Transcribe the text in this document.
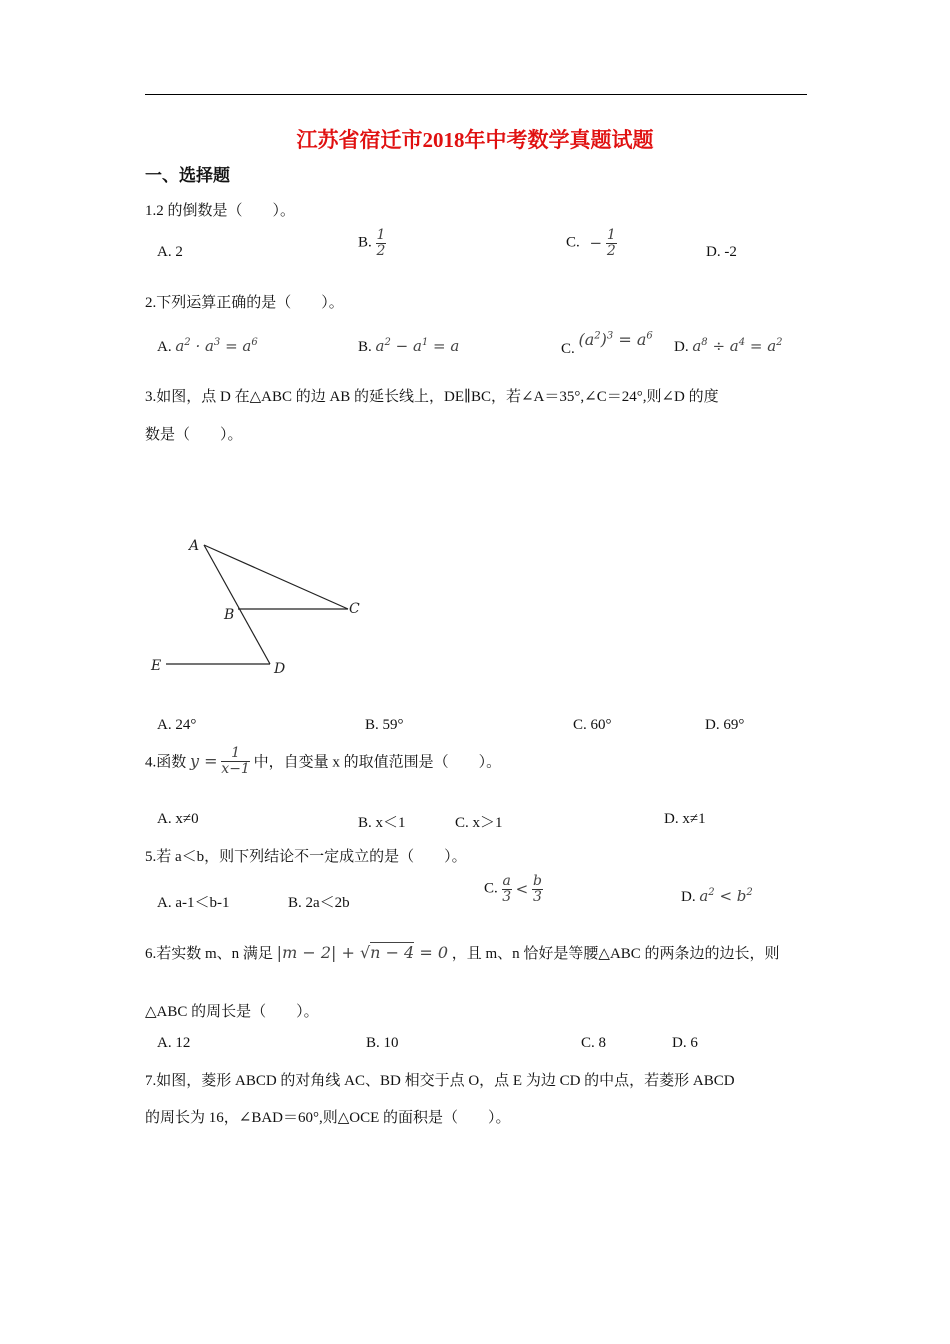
江苏省宿迁市2018年中考数学真题试题
一、选择题
1.2 的倒数是（　　）。
A. 2
B. $\frac{1}{2}$	C. − $\frac{1}{2}$	D. -2
2.下列运算正确的是（　　）。
A. $a^2 \cdot a^3 = a^6$	B. $a^2 - a^1 = a$	C. $(a^2)^3 = a^6$
D. $a^8 \div a^4 = a^2$
3.如图，点 D 在△ABC 的边 AB 的延长线上，DE∥BC，若∠A＝35°,∠C＝24°,则∠D 的度
数是（　　）。
A
B	C
D
E
A. 24°	B. 59°	C. 60°	D. 69°
4.函数 $y = \frac{1}{x-1}$ 中，自变量 x 的取值范围是（　　）。
A. x≠0	B. x＜1	C. x＞1	D. x≠1
5.若 a＜b，则下列结论不一定成立的是（　　）。
A. a-1＜b-1	B. 2a＜2b
C. $\frac{a}{3} < \frac{b}{3}$	D. $a^2 < b^2$
6.若实数 m、n 满足 |m − 2| + √n − 4 = 0 ，且 m、n 恰好是等腰△ABC 的两条边的边长，则
△ABC 的周长是（　　）。
A. 12	B. 10	C. 8	D. 6
7.如图，菱形 ABCD 的对角线 AC、BD 相交于点 O，点 E 为边 CD 的中点，若菱形 ABCD
的周长为 16，∠BAD＝60°,则△OCE 的面积是（　　）。
